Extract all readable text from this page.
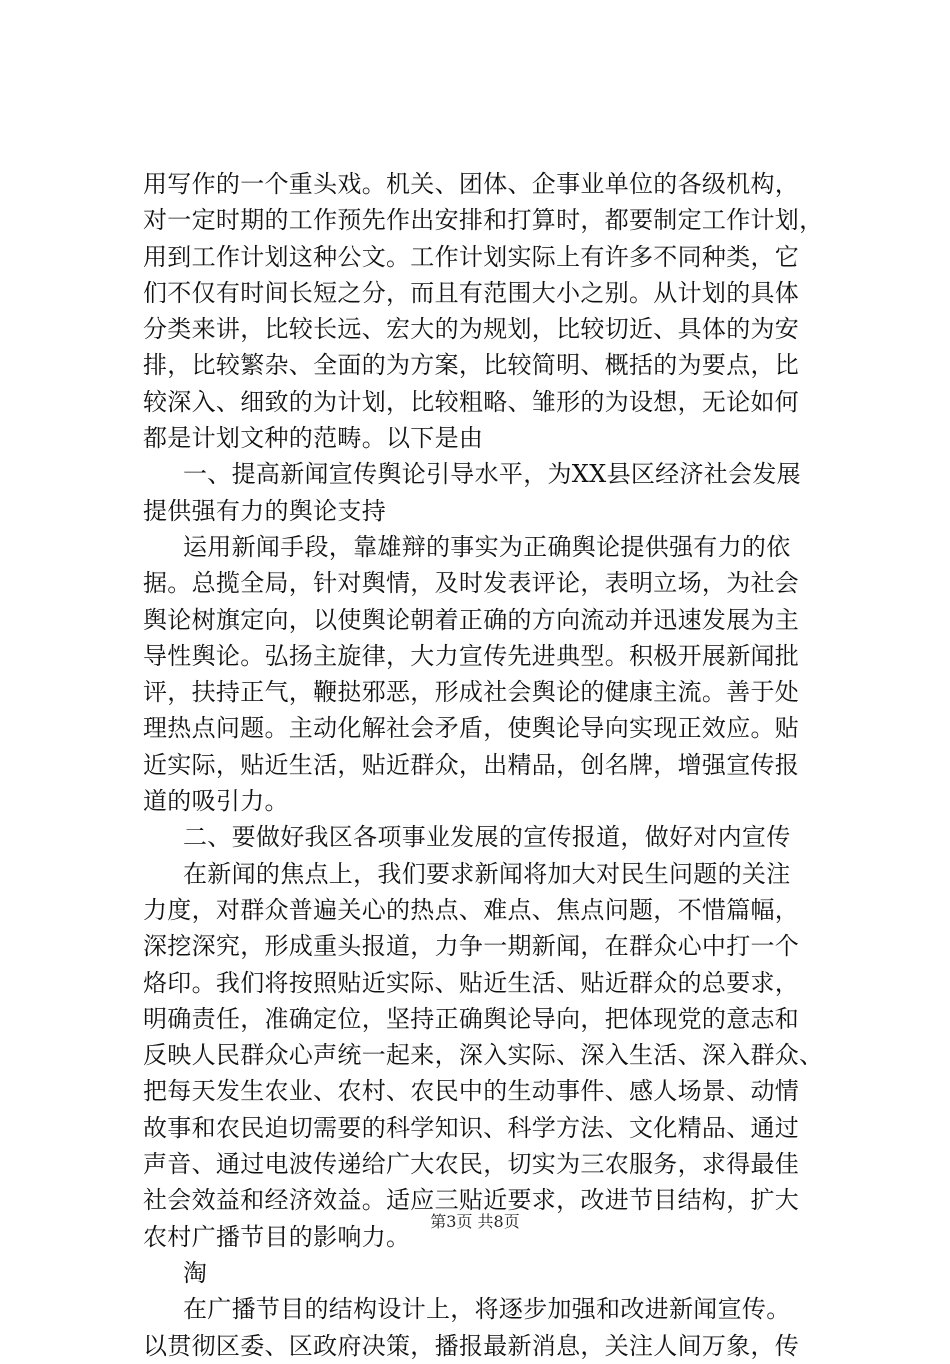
用写作的一个重头戏。机关、团体、企事业单位的各级机构，
对一定时期的工作预先作出安排和打算时，都要制定工作计划，
用到工作计划这种公文。工作计划实际上有许多不同种类，它
们不仅有时间长短之分，而且有范围大小之别。从计划的具体
分类来讲，比较长远、宏大的为规划，比较切近、具体的为安
排，比较繁杂、全面的为方案，比较简明、概括的为要点，比
较深入、细致的为计划，比较粗略、雏形的为设想，无论如何
都是计划文种的范畴。以下是由
一、提高新闻宣传舆论引导水平，为XX县区经济社会发展
提供强有力的舆论支持
运用新闻手段，靠雄辩的事实为正确舆论提供强有力的依
据。总揽全局，针对舆情，及时发表评论，表明立场，为社会
舆论树旗定向，以使舆论朝着正确的方向流动并迅速发展为主
导性舆论。弘扬主旋律，大力宣传先进典型。积极开展新闻批
评，扶持正气，鞭挞邪恶，形成社会舆论的健康主流。善于处
理热点问题。主动化解社会矛盾，使舆论导向实现正效应。贴
近实际，贴近生活，贴近群众，出精品，创名牌，增强宣传报
道的吸引力。
二、要做好我区各项事业发展的宣传报道，做好对内宣传
在新闻的焦点上，我们要求新闻将加大对民生问题的关注
力度，对群众普遍关心的热点、难点、焦点问题，不惜篇幅，
深挖深究，形成重头报道，力争一期新闻，在群众心中打一个
烙印。我们将按照贴近实际、贴近生活、贴近群众的总要求，
明确责任，准确定位，坚持正确舆论导向，把体现党的意志和
反映人民群众心声统一起来，深入实际、深入生活、深入群众、
把每天发生农业、农村、农民中的生动事件、感人场景、动情
故事和农民迫切需要的科学知识、科学方法、文化精品、通过
声音、通过电波传递给广大农民，切实为三农服务，求得最佳
社会效益和经济效益。适应三贴近要求，改进节目结构，扩大
农村广播节目的影响力。
淘
在广播节目的结构设计上，将逐步加强和改进新闻宣传。
以贯彻区委、区政府决策，播报最新消息，关注人间万象，传
第3页 共8页
